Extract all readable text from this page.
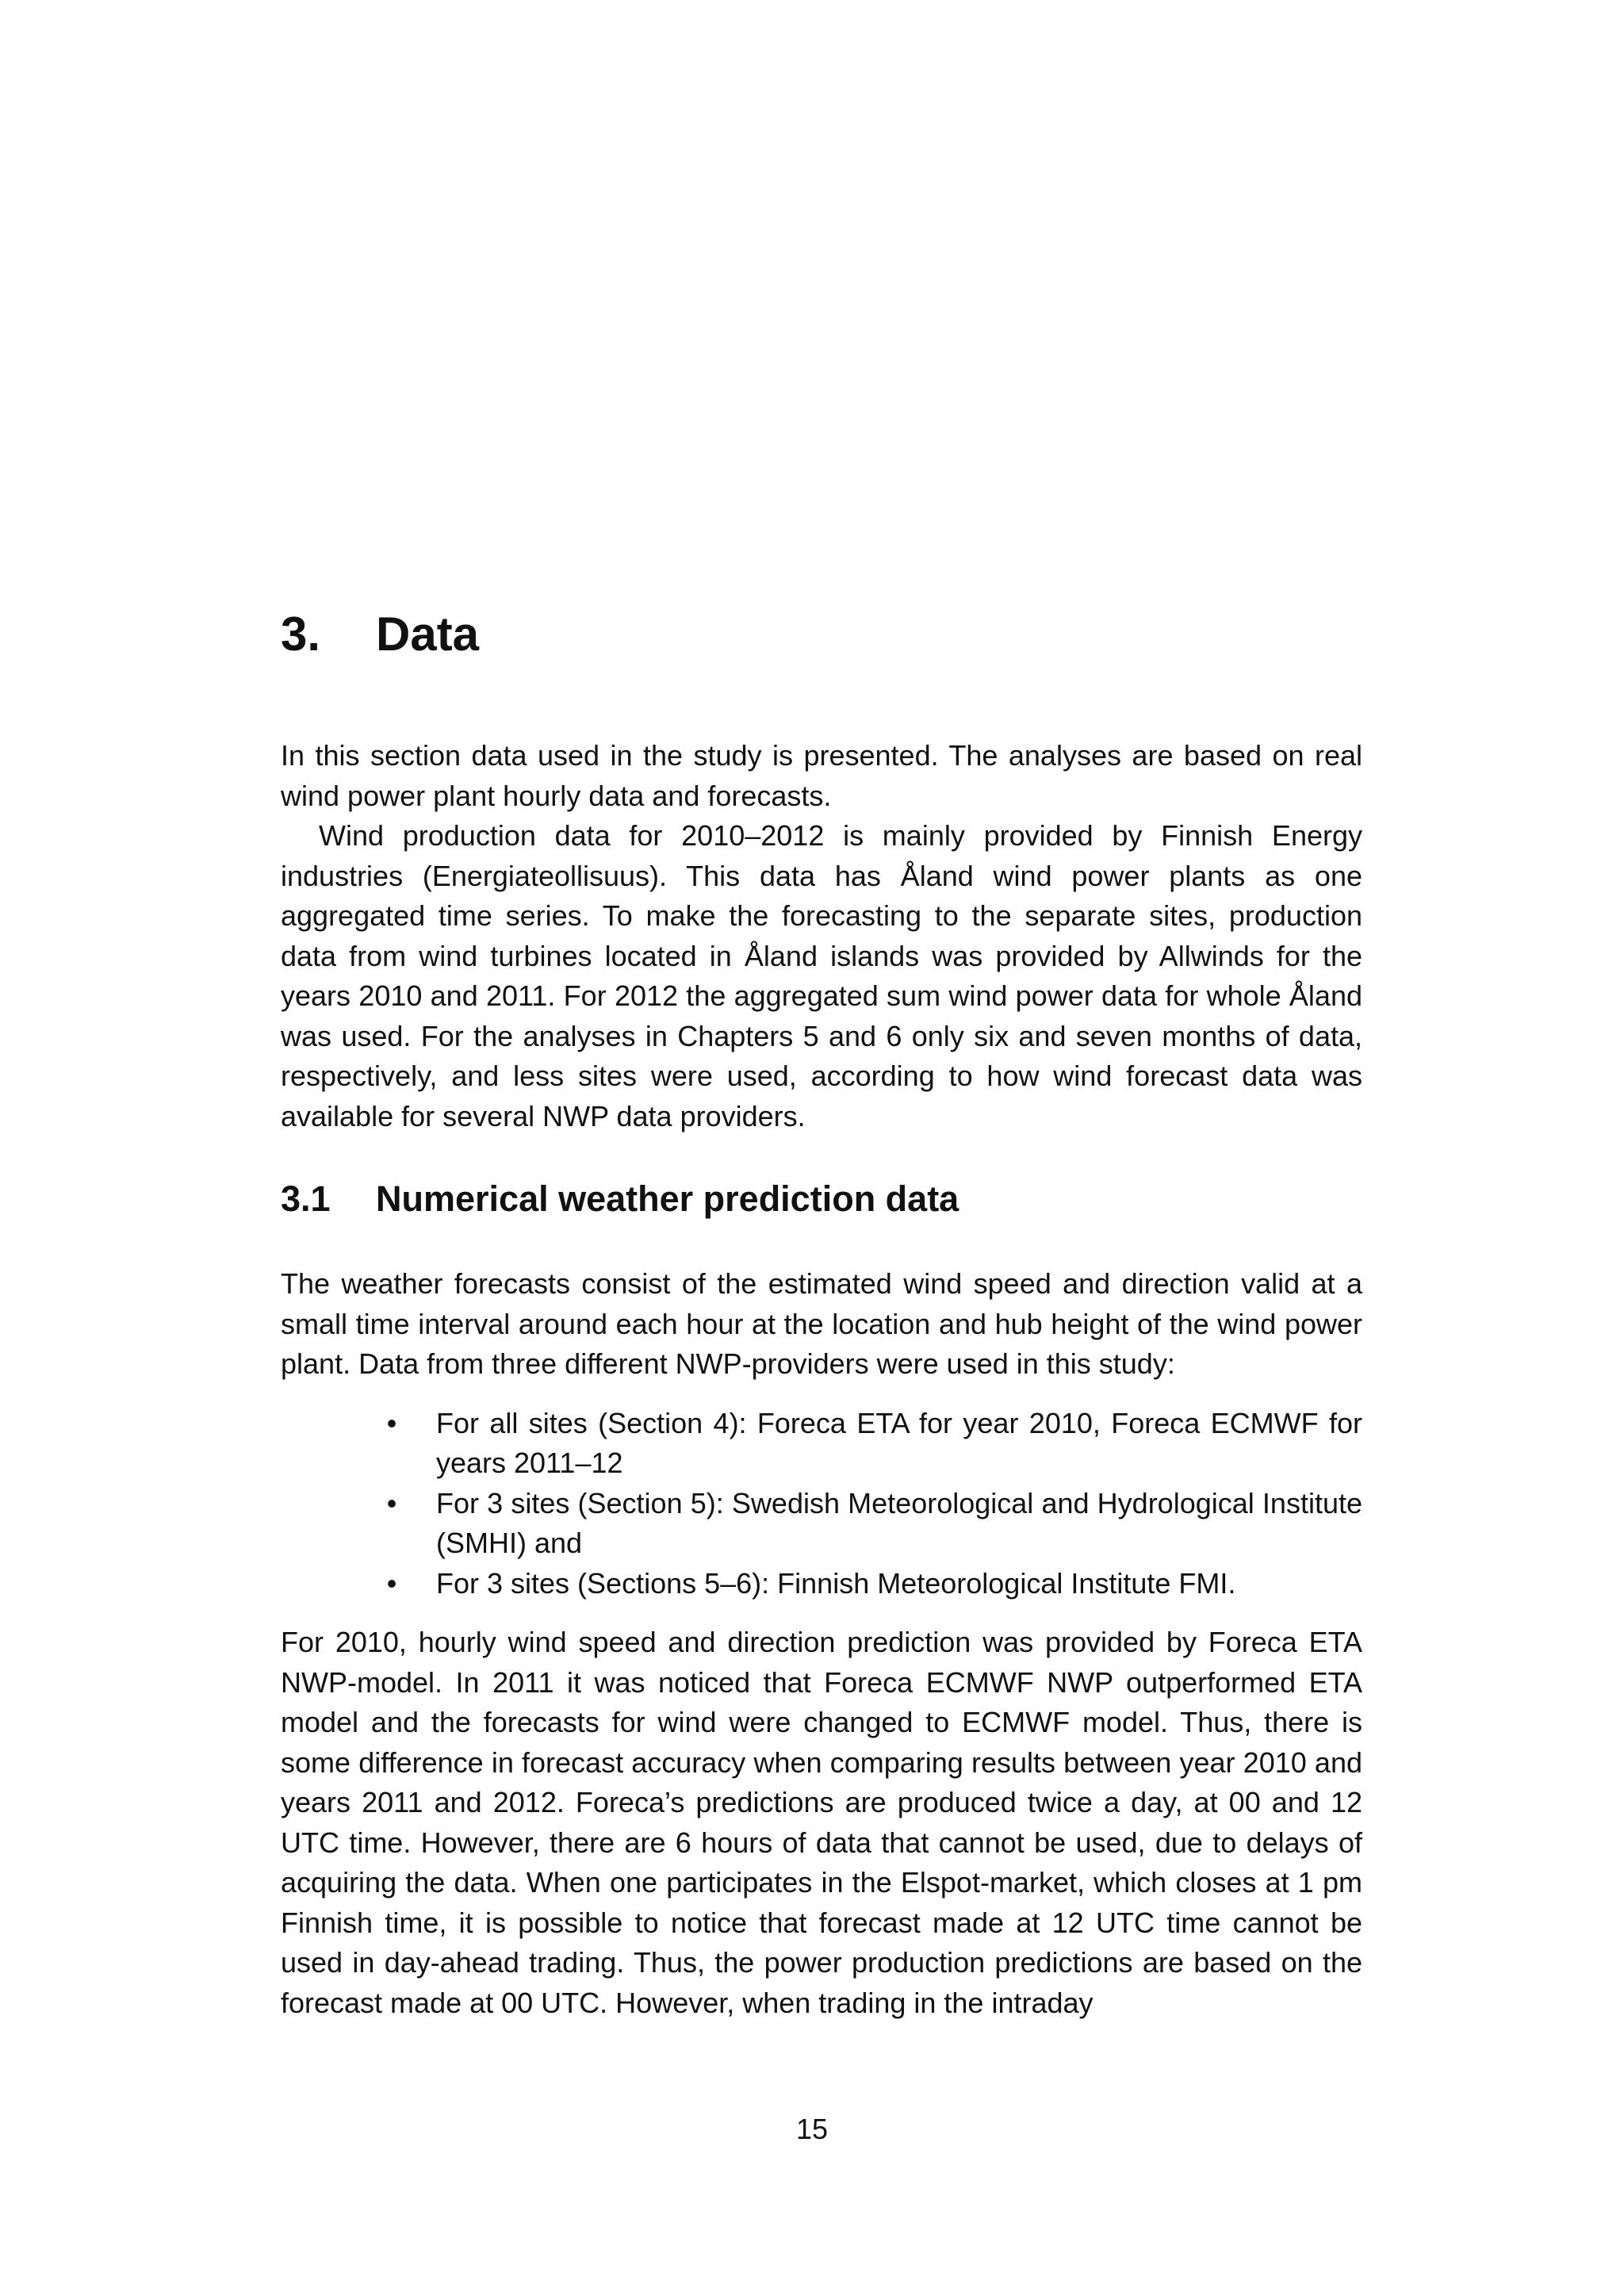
3.	Data

In this section data used in the study is presented. The analyses are based on real wind power plant hourly data and forecasts.

Wind production data for 2010–2012 is mainly provided by Finnish Energy industries (Energiateollisuus). This data has Åland wind power plants as one aggregated time series. To make the forecasting to the separate sites, production data from wind turbines located in Åland islands was provided by Allwinds for the years 2010 and 2011. For 2012 the aggregated sum wind power data for whole Åland was used. For the analyses in Chapters 5 and 6 only six and seven months of data, respectively, and less sites were used, according to how wind forecast data was available for several NWP data providers.

3.1	Numerical weather prediction data

The weather forecasts consist of the estimated wind speed and direction valid at a small time interval around each hour at the location and hub height of the wind power plant. Data from three different NWP-providers were used in this study:

•	For all sites (Section 4): Foreca ETA for year 2010, Foreca ECMWF for years 2011–12
•	For 3 sites (Section 5): Swedish Meteorological and Hydrological Institute (SMHI) and
•	For 3 sites (Sections 5–6): Finnish Meteorological Institute FMI.

For 2010, hourly wind speed and direction prediction was provided by Foreca ETA NWP-model. In 2011 it was noticed that Foreca ECMWF NWP outperformed ETA model and the forecasts for wind were changed to ECMWF model. Thus, there is some difference in forecast accuracy when comparing results between year 2010 and years 2011 and 2012. Foreca’s predictions are produced twice a day, at 00 and 12 UTC time. However, there are 6 hours of data that cannot be used, due to delays of acquiring the data. When one participates in the Elspot-market, which closes at 1 pm Finnish time, it is possible to notice that forecast made at 12 UTC time cannot be used in day-ahead trading. Thus, the power production predictions are based on the forecast made at 00 UTC. However, when trading in the intraday

15
